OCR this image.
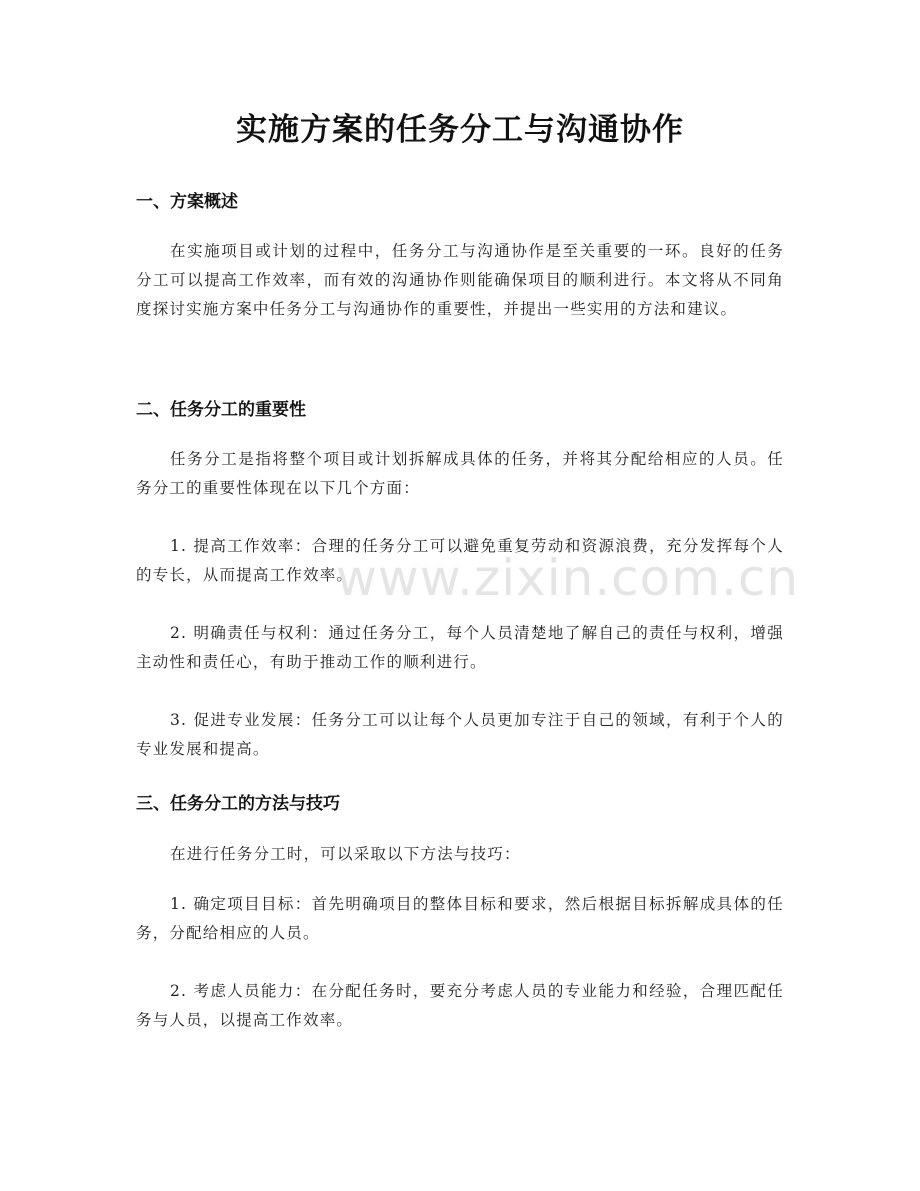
实施方案的任务分工与沟通协作
一、方案概述
在实施项目或计划的过程中，任务分工与沟通协作是至关重要的一环。良好的任务分工可以提高工作效率，而有效的沟通协作则能确保项目的顺利进行。本文将从不同角度探讨实施方案中任务分工与沟通协作的重要性，并提出一些实用的方法和建议。
二、任务分工的重要性
任务分工是指将整个项目或计划拆解成具体的任务，并将其分配给相应的人员。任务分工的重要性体现在以下几个方面：
1. 提高工作效率：合理的任务分工可以避免重复劳动和资源浪费，充分发挥每个人的专长，从而提高工作效率。
2. 明确责任与权利：通过任务分工，每个人员清楚地了解自己的责任与权利，增强主动性和责任心，有助于推动工作的顺利进行。
3. 促进专业发展：任务分工可以让每个人员更加专注于自己的领域，有利于个人的专业发展和提高。
三、任务分工的方法与技巧
在进行任务分工时，可以采取以下方法与技巧：
1. 确定项目目标：首先明确项目的整体目标和要求，然后根据目标拆解成具体的任务，分配给相应的人员。
2. 考虑人员能力：在分配任务时，要充分考虑人员的专业能力和经验，合理匹配任务与人员，以提高工作效率。
www.zixin.com.cn
